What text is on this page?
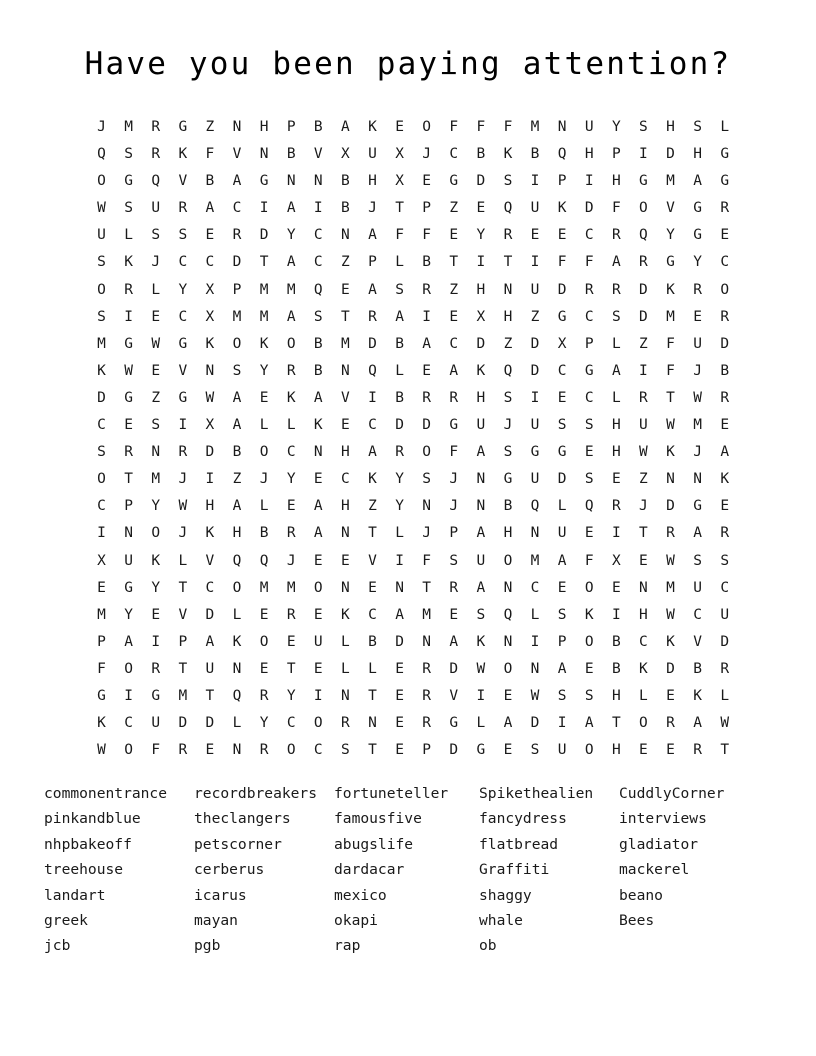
Have you been paying attention?
J M R G Z N H P B A K E O F F F M N U Y S H S L
Q S R K F V N B V X U X J C B K B Q H P I D H G
O G Q V B A G N N B H X E G D S I P I H G M A G
W S U R A C I A I B J T P Z E Q U K D F O V G R
U L S S E R D Y C N A F F E Y R E E C R Q Y G E
S K J C C D T A C Z P L B T I T I F F A R G Y C
O R L Y X P M M Q E A S R Z H N U D R R D K R O
S I E C X M M A S T R A I E X H Z G C S D M E R
M G W G K O K O B M D B A C D Z D X P L Z F U D
K W E V N S Y R B N Q L E A K Q D C G A I F J B
D G Z G W A E K A V I B R R H S I E C L R T W R
C E S I X A L L K E C D D G U J U S S H U W M E
S R N R D B O C N H A R O F A S G G E H W K J A
O T M J I Z J Y E C K Y S J N G U D S E Z N N K
C P Y W H A L E A H Z Y N J N B Q L Q R J D G E
I N O J K H B R A N T L J P A H N U E I T R A R
X U K L V Q Q J E E V I F S U O M A F X E W S S
E G Y T C O M M O N E N T R A N C E O E N M U C
M Y E V D L E R E K C A M E S Q L S K I H W C U
P A I P A K O E U L B D N A K N I P O B C K V D
F O R T U N E T E L L E R D W O N A E B K D B R
G I G M T Q R Y I N T E R V I E W S S H L E K L
K C U D D L Y C O R N E R G L A D I A T O R A W
W O F R E N R O C S T E P D G E S U O H E E R T
commonentrance
pinkandblue
nhpbakeoff
treehouse
landart
greek
jcb
recordbreakers
theclangers
petscorner
cerberus
icarus
mayan
pgb
fortuneteller
famousfive
abugslife
dardacar
mexico
okapi
rap
Spikethealien
fancydress
flatbread
Graffiti
shaggy
whale
ob
CuddlyCorner
interviews
gladiator
mackerel
beano
Bees
